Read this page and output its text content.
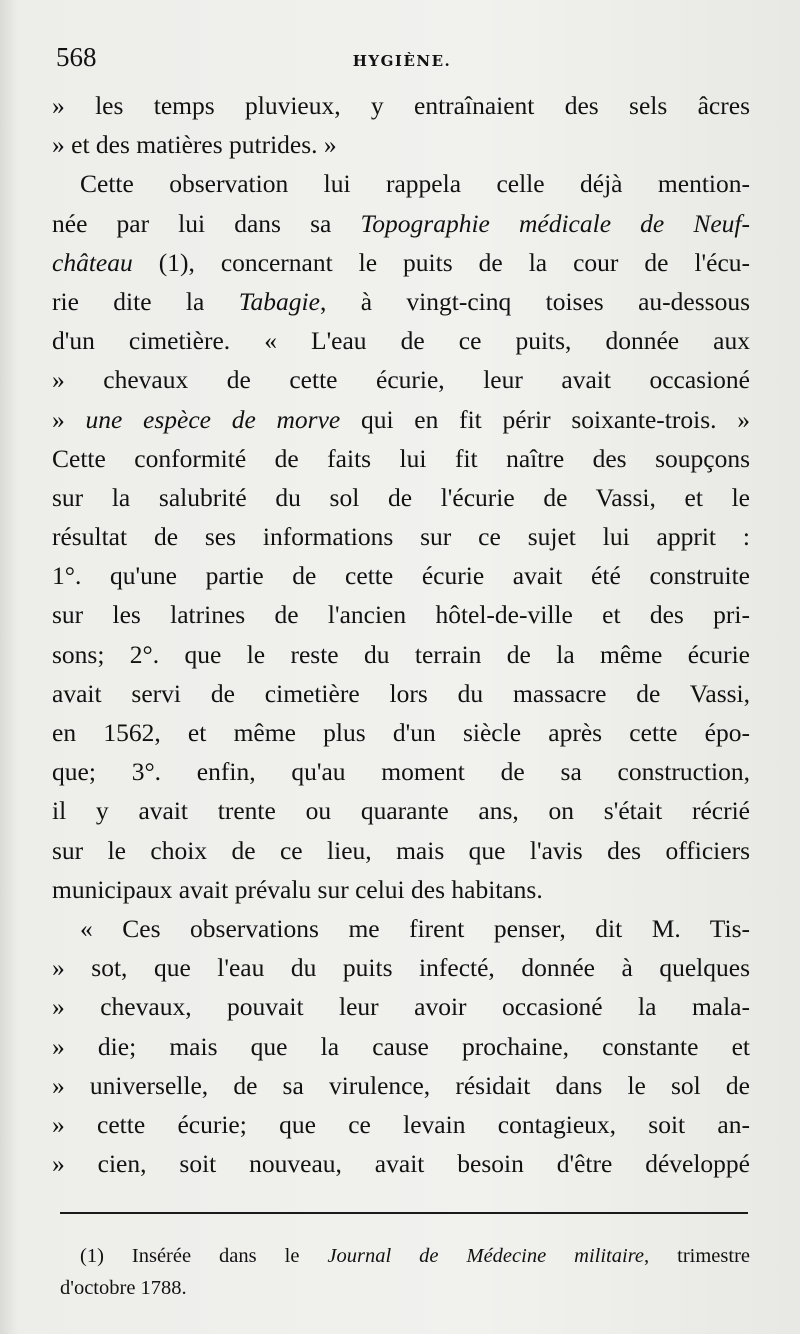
568	HYGIÈNE.
» les temps pluvieux, y entraînaient des sels âcres
» et des matières putrides. »
Cette observation lui rappela celle déjà mention-
née par lui dans sa Topographie médicale de Neuf-
château (1), concernant le puits de la cour de l'écu-
rie dite la Tabagie, à vingt-cinq toises au-dessous
d'un cimetière. « L'eau de ce puits, donnée aux
» chevaux de cette écurie, leur avait occasioné
» une espèce de morve qui en fit périr soixante-trois. »
Cette conformité de faits lui fit naître des soupçons
sur la salubrité du sol de l'écurie de Vassi, et le
résultat de ses informations sur ce sujet lui apprit :
1°. qu'une partie de cette écurie avait été construite
sur les latrines de l'ancien hôtel-de-ville et des pri-
sons; 2°. que le reste du terrain de la même écurie
avait servi de cimetière lors du massacre de Vassi,
en 1562, et même plus d'un siècle après cette épo-
que; 3°. enfin, qu'au moment de sa construction,
il y avait trente ou quarante ans, on s'était récrié
sur le choix de ce lieu, mais que l'avis des officiers
municipaux avait prévalu sur celui des habitans.
« Ces observations me firent penser, dit M. Tis-
» sot, que l'eau du puits infecté, donnée à quelques
» chevaux, pouvait leur avoir occasioné la mala-
» die; mais que la cause prochaine, constante et
» universelle, de sa virulence, résidait dans le sol de
» cette écurie; que ce levain contagieux, soit an-
» cien, soit nouveau, avait besoin d'être développé
(1) Insérée dans le Journal de Médecine militaire, trimestre
d'octobre 1788.
